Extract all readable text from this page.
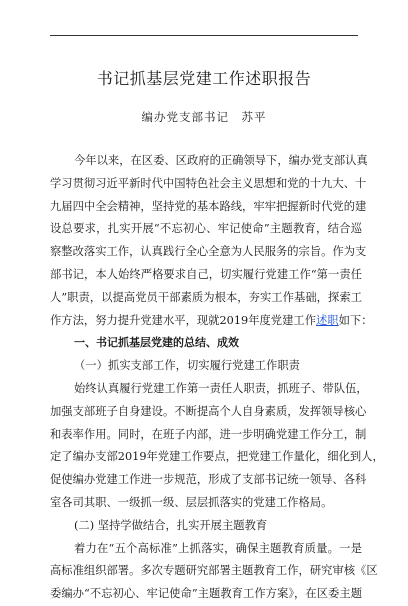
书记抓基层党建工作述职报告
编办党支部书记　苏平
今年以来，在区委、区政府的正确领导下，编办党支部认真
学习贯彻习近平新时代中国特色社会主义思想和党的十九大、十
九届四中全会精神，坚持党的基本路线，牢牢把握新时代党的建
设总要求，扎实开展“不忘初心、牢记使命”主题教育，结合巡
察整改落实工作，认真践行全心全意为人民服务的宗旨。作为支
部书记，本人始终严格要求自己，切实履行党建工作“第一责任
人”职责，以提高党员干部素质为根本，夯实工作基础，探索工
作方法，努力提升党建水平，现就2019年度党建工作述职如下：
一、书记抓基层党建的总结、成效
（一）抓实支部工作，切实履行党建工作职责
始终认真履行党建工作第一责任人职责，抓班子、带队伍，
加强支部班子自身建设。不断提高个人自身素质，发挥领导核心
和表率作用。同时，在班子内部，进一步明确党建工作分工，制
定了编办支部2019年党建工作要点，把党建工作量化，细化到人，
促使编办党建工作进一步规范，形成了支部书记统一领导、各科
室各司其职、一级抓一级、层层抓落实的党建工作格局。
(二) 坚持学做结合，扎实开展主题教育
着力在“五个高标准”上抓落实，确保主题教育质量。一是
高标准组织部署。多次专题研究部署主题教育工作，研究审核《区
委编办“不忘初心、牢记使命”主题教育工作方案》，在区委主题
